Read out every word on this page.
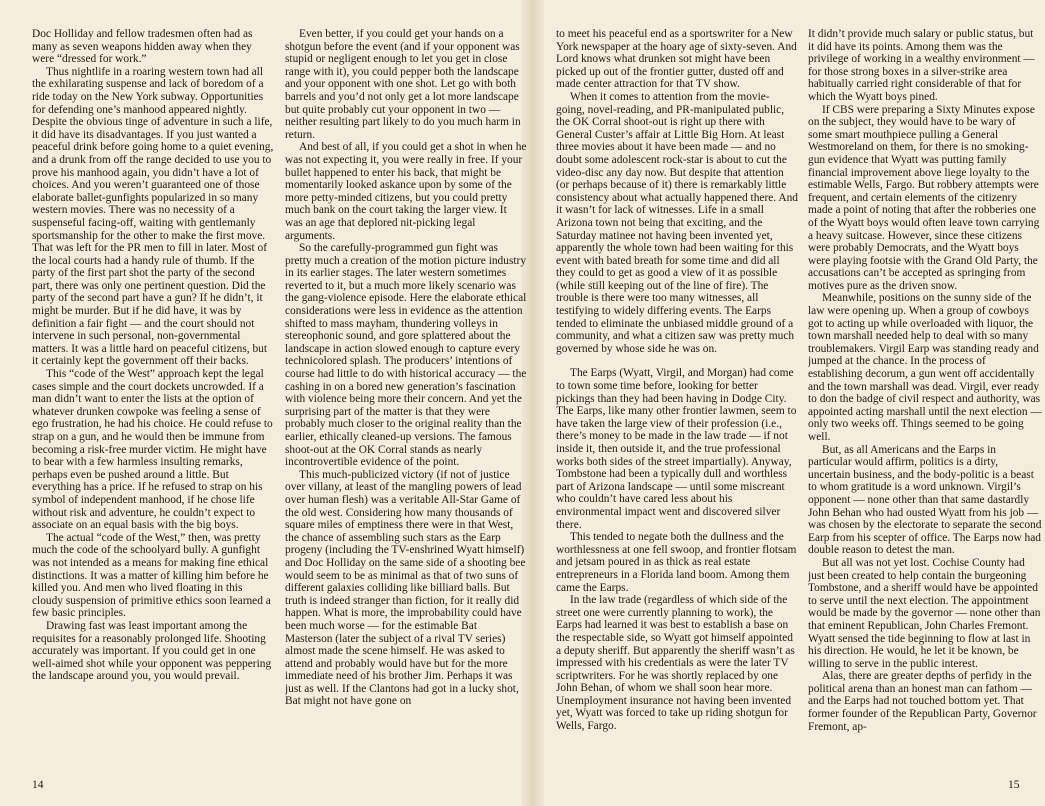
Doc Holliday and fellow tradesmen often had as many as seven weapons hidden away when they were “dressed for work.”

Thus nightlife in a roaring western town had all the exhilarating suspense and lack of boredom of a ride today on the New York subway. Opportunities for defending one’s manhood appeared nightly. Despite the obvious tinge of adventure in such a life, it did have its disadvantages. If you just wanted a peaceful drink before going home to a quiet evening, and a drunk from off the range decided to use you to prove his manhood again, you didn’t have a lot of choices. And you weren’t guaranteed one of those elaborate ballet-gunfights popularized in so many western movies. There was no necessity of a suspenseful facing-off, waiting with gentlemanly sportsmanship for the other to make the first move. That was left for the PR men to fill in later. Most of the local courts had a handy rule of thumb. If the party of the first part shot the party of the second part, there was only one pertinent question. Did the party of the second part have a gun? If he didn’t, it might be murder. But if he did have, it was by definition a fair fight — and the court should not intervene in such personal, non-governmental matters. It was a little hard on peaceful citizens, but it certainly kept the government off their backs.

This “code of the West” approach kept the legal cases simple and the court dockets uncrowded. If a man didn’t want to enter the lists at the option of whatever drunken cowpoke was feeling a sense of ego frustration, he had his choice. He could refuse to strap on a gun, and he would then be immune from becoming a risk-free murder victim. He might have to bear with a few harmless insulting remarks, perhaps even be pushed around a little. But everything has a price. If he refused to strap on his symbol of independent manhood, if he chose life without risk and adventure, he couldn’t expect to associate on an equal basis with the big boys.

The actual “code of the West,” then, was pretty much the code of the schoolyard bully. A gunfight was not intended as a means for making fine ethical distinctions. It was a matter of killing him before he killed you. And men who lived floating in this cloudy suspension of primitive ethics soon learned a few basic principles.

Drawing fast was least important among the requisites for a reasonably prolonged life. Shooting accurately was important. If you could get in one well-aimed shot while your opponent was peppering the landscape around you, you would prevail.

Even better, if you could get your hands on a shotgun before the event (and if your opponent was stupid or negligent enough to let you get in close range with it), you could pepper both the landscape and your opponent with one shot. Let go with both barrels and you’d not only get a lot more landscape but quite probably cut your opponent in two — neither resulting part likely to do you much harm in return.

And best of all, if you could get a shot in when he was not expecting it, you were really in free. If your bullet happened to enter his back, that might be momentarily looked askance upon by some of the more petty-minded citizens, but you could pretty much bank on the court taking the larger view. It was an age that deplored nit-picking legal arguments.

So the carefully-programmed gun fight was pretty much a creation of the motion picture industry in its earlier stages. The later western sometimes reverted to it, but a much more likely scenario was the gang-violence episode. Here the elaborate ethical considerations were less in evidence as the attention shifted to mass mayham, thundering volleys in stereophonic sound, and gore splattered about the landscape in action slowed enough to capture every technicolored splash. The producers’ intentions of course had little to do with historical accuracy — the cashing in on a bored new generation’s fascination with violence being more their concern. And yet the surprising part of the matter is that they were probably much closer to the original reality than the earlier, ethically cleaned-up versions. The famous shoot-out at the OK Corral stands as nearly incontrovertible evidence of the point.

This much-publicized victory (if not of justice over villany, at least of the mangling powers of lead over human flesh) was a veritable All-Star Game of the old west. Considering how many thousands of square miles of emptiness there were in that West, the chance of assembling such stars as the Earp progeny (including the TV-enshrined Wyatt himself) and Doc Holliday on the same side of a shooting bee would seem to be as minimal as that of two suns of different galaxies colliding like billiard balls. But truth is indeed stranger than fiction, for it really did happen. What is more, the improbability could have been much worse — for the estimable Bat Masterson (later the subject of a rival TV series) almost made the scene himself. He was asked to attend and probably would have but for the more immediate need of his brother Jim. Perhaps it was just as well. If the Clantons had got in a lucky shot, Bat might not have gone on

to meet his peaceful end as a sportswriter for a New York newspaper at the hoary age of sixty-seven. And Lord knows what drunken sot might have been picked up out of the frontier gutter, dusted off and made center attraction for that TV show.

When it comes to attention from the movie-going, novel-reading, and PR-manipulated public, the OK Corral shoot-out is right up there with General Custer’s affair at Little Big Horn. At least three movies about it have been made — and no doubt some adolescent rock-star is about to cut the video-disc any day now. But despite that attention (or perhaps because of it) there is remarkably little consistency about what actually happened there. And it wasn’t for lack of witnesses. Life in a small Arizona town not being that exciting, and the Saturday matinee not having been invented yet, apparently the whole town had been waiting for this event with bated breath for some time and did all they could to get as good a view of it as possible (while still keeping out of the line of fire). The trouble is there were too many witnesses, all testifying to widely differing events. The Earps tended to eliminate the unbiased middle ground of a community, and what a citizen saw was pretty much governed by whose side he was on.

The Earps (Wyatt, Virgil, and Morgan) had come to town some time before, looking for better pickings than they had been having in Dodge City. The Earps, like many other frontier lawmen, seem to have taken the large view of their profession (i.e., there’s money to be made in the law trade — if not inside it, then outside it, and the true professional works both sides of the street impartially). Anyway, Tombstone had been a typically dull and worthless part of Arizona landscape — until some miscreant who couldn’t have cared less about his environmental impact went and discovered silver there.

This tended to negate both the dullness and the worthlessness at one fell swoop, and frontier flotsam and jetsam poured in as thick as real estate entrepreneurs in a Florida land boom. Among them came the Earps.

In the law trade (regardless of which side of the street one were currently planning to work), the Earps had learned it was best to establish a base on the respectable side, so Wyatt got himself appointed a deputy sheriff. But apparently the sheriff wasn’t as impressed with his credentials as were the later TV scriptwriters. For he was shortly replaced by one John Behan, of whom we shall soon hear more. Unemployment insurance not having been invented yet, Wyatt was forced to take up riding shotgun for Wells, Fargo.

It didn’t provide much salary or public status, but it did have its points. Among them was the privilege of working in a wealthy environment — for those strong boxes in a silver-strike area habitually carried right considerable of that for which the Wyatt boys pined.

If CBS were preparing a Sixty Minutes expose on the subject, they would have to be wary of some smart mouthpiece pulling a General Westmoreland on them, for there is no smoking-gun evidence that Wyatt was putting family financial improvement above liege loyalty to the estimable Wells, Fargo. But robbery attempts were frequent, and certain elements of the citizenry made a point of noting that after the robberies one of the Wyatt boys would often leave town carrying a heavy suitcase. However, since these citizens were probably Democrats, and the Wyatt boys were playing footsie with the Grand Old Party, the accusations can’t be accepted as springing from motives pure as the driven snow.

Meanwhile, positions on the sunny side of the law were opening up. When a group of cowboys got to acting up while overloaded with liquor, the town marshall needed help to deal with so many troublemakers. Virgil Earp was standing ready and jumped at the chance. In the process of establishing decorum, a gun went off accidentally and the town marshall was dead. Virgil, ever ready to don the badge of civil respect and authority, was appointed acting marshall until the next election — only two weeks off. Things seemed to be going well.

But, as all Americans and the Earps in particular would affirm, politics is a dirty, uncertain business, and the body-politic is a beast to whom gratitude is a word unknown. Virgil’s opponent — none other than that same dastardly John Behan who had ousted Wyatt from his job — was chosen by the electorate to separate the second Earp from his scepter of office. The Earps now had double reason to detest the man.

But all was not yet lost. Cochise County had just been created to help contain the burgeoning Tombstone, and a sheriff would have be appointed to serve until the next election. The appointment would be made by the governor — none other than that eminent Republican, John Charles Fremont. Wyatt sensed the tide beginning to flow at last in his direction. He would, he let it be known, be willing to serve in the public interest.

Alas, there are greater depths of perfidy in the political arena than an honest man can fathom — and the Earps had not touched bottom yet. That former founder of the Republican Party, Governor Fremont, ap-

14	15
